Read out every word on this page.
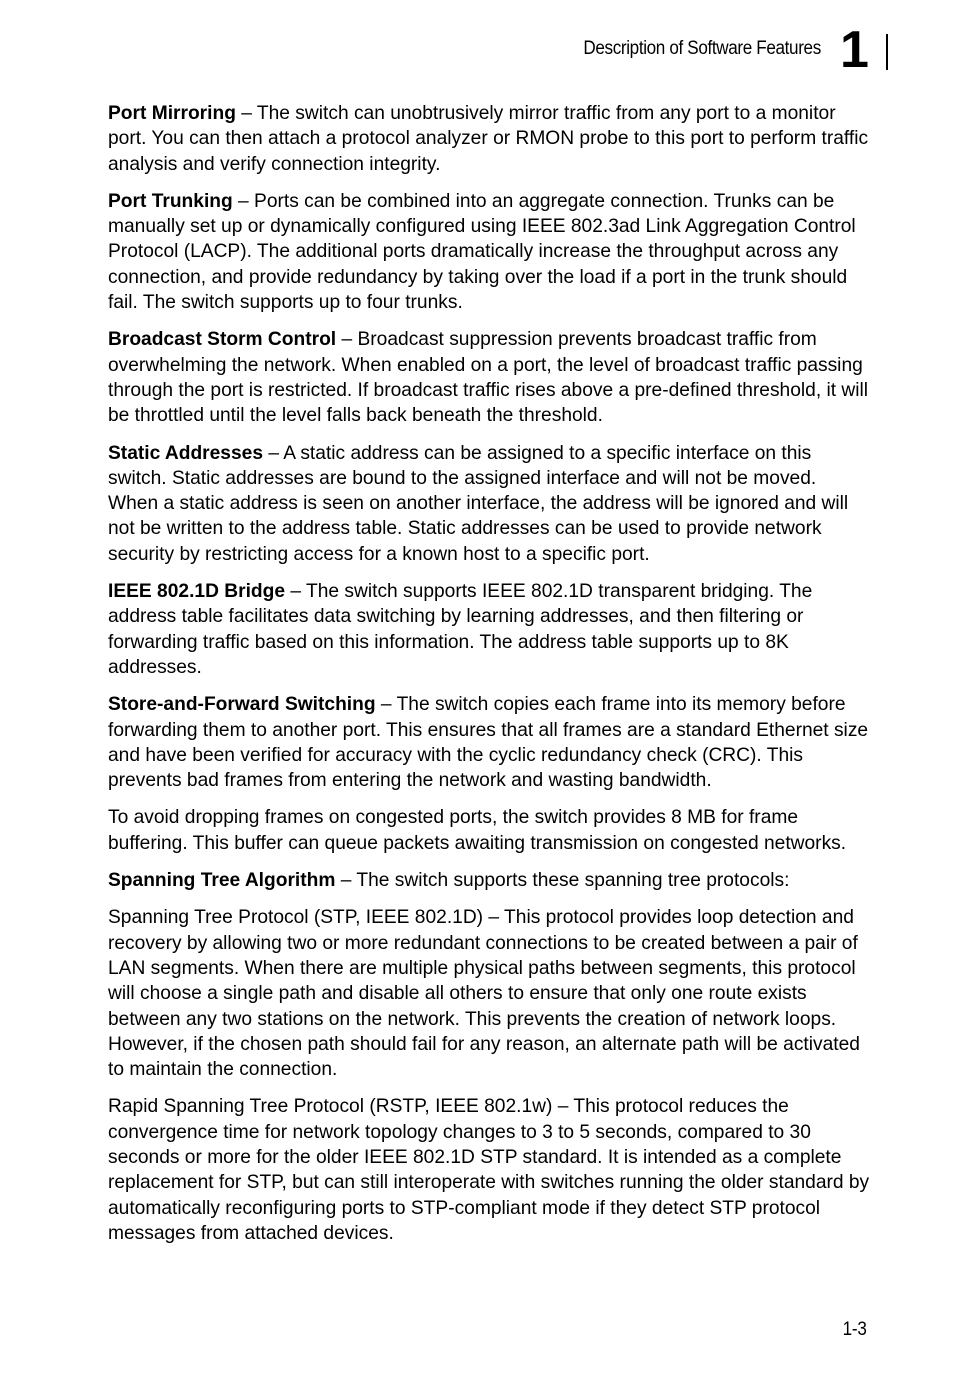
Description of Software Features 1

Port Mirroring – The switch can unobtrusively mirror traffic from any port to a monitor port. You can then attach a protocol analyzer or RMON probe to this port to perform traffic analysis and verify connection integrity.

Port Trunking – Ports can be combined into an aggregate connection. Trunks can be manually set up or dynamically configured using IEEE 802.3ad Link Aggregation Control Protocol (LACP). The additional ports dramatically increase the throughput across any connection, and provide redundancy by taking over the load if a port in the trunk should fail. The switch supports up to four trunks.

Broadcast Storm Control – Broadcast suppression prevents broadcast traffic from overwhelming the network. When enabled on a port, the level of broadcast traffic passing through the port is restricted. If broadcast traffic rises above a pre-defined threshold, it will be throttled until the level falls back beneath the threshold.

Static Addresses – A static address can be assigned to a specific interface on this switch. Static addresses are bound to the assigned interface and will not be moved. When a static address is seen on another interface, the address will be ignored and will not be written to the address table. Static addresses can be used to provide network security by restricting access for a known host to a specific port.

IEEE 802.1D Bridge – The switch supports IEEE 802.1D transparent bridging. The address table facilitates data switching by learning addresses, and then filtering or forwarding traffic based on this information. The address table supports up to 8K addresses.

Store-and-Forward Switching – The switch copies each frame into its memory before forwarding them to another port. This ensures that all frames are a standard Ethernet size and have been verified for accuracy with the cyclic redundancy check (CRC). This prevents bad frames from entering the network and wasting bandwidth.

To avoid dropping frames on congested ports, the switch provides 8 MB for frame buffering. This buffer can queue packets awaiting transmission on congested networks.

Spanning Tree Algorithm – The switch supports these spanning tree protocols:

Spanning Tree Protocol (STP, IEEE 802.1D) – This protocol provides loop detection and recovery by allowing two or more redundant connections to be created between a pair of LAN segments. When there are multiple physical paths between segments, this protocol will choose a single path and disable all others to ensure that only one route exists between any two stations on the network. This prevents the creation of network loops. However, if the chosen path should fail for any reason, an alternate path will be activated to maintain the connection.

Rapid Spanning Tree Protocol (RSTP, IEEE 802.1w) – This protocol reduces the convergence time for network topology changes to 3 to 5 seconds, compared to 30 seconds or more for the older IEEE 802.1D STP standard. It is intended as a complete replacement for STP, but can still interoperate with switches running the older standard by automatically reconfiguring ports to STP-compliant mode if they detect STP protocol messages from attached devices.

1-3
